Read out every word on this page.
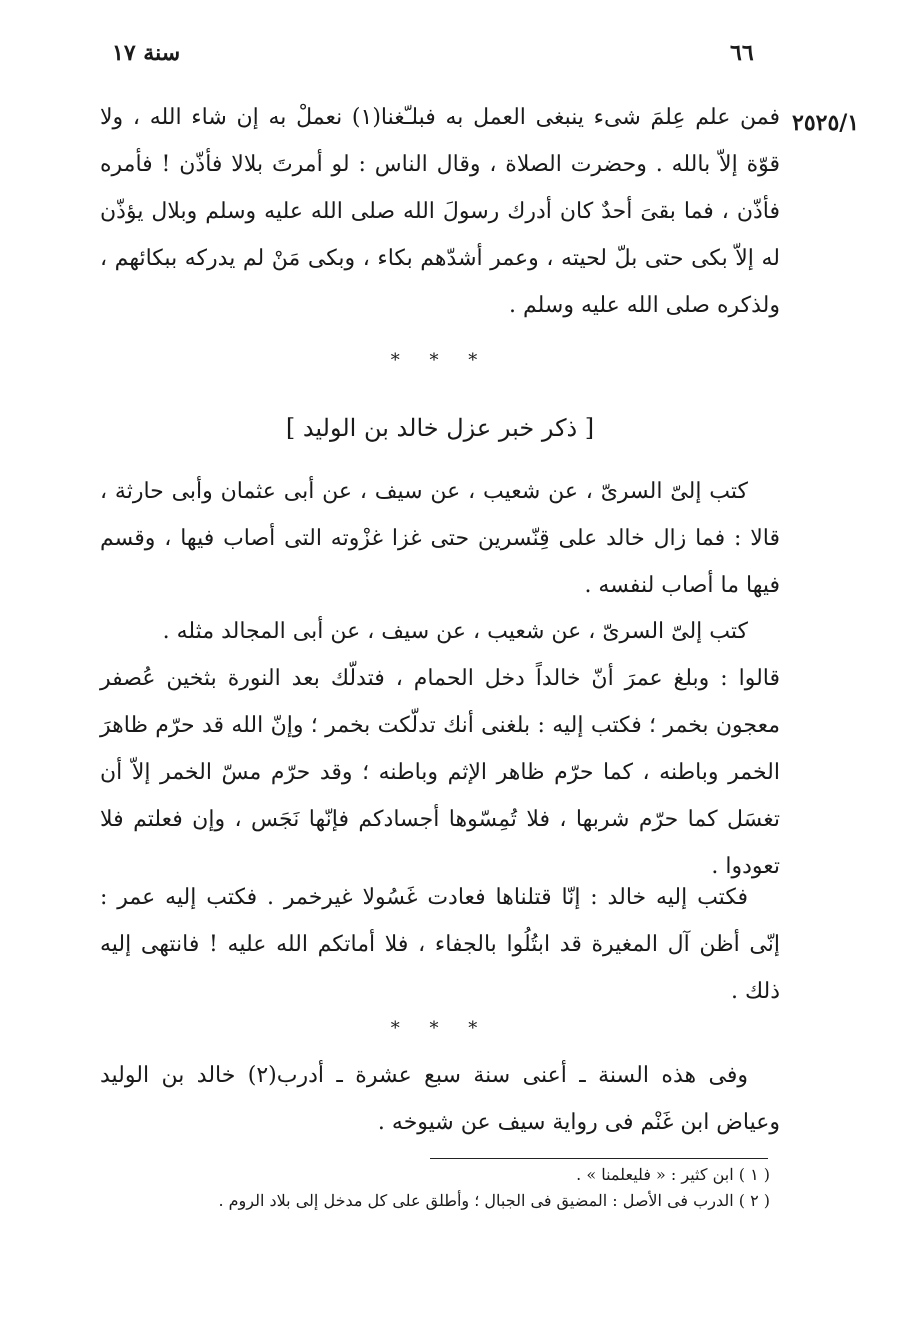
٦٦
سنة ١٧
٢٥٢٥/١

فمن علم عِلمَ شىء ينبغى العمل به فبلـّغنا(١) نعملْ به إن شاء الله ، ولا قوّة إلاّ بالله . وحضرت الصلاة ، وقال الناس : لو أمرتَ بلالا فأذّن ! فأمره فأذّن ، فما بقىَ أحدٌ كان أدرك رسولَ الله صلى الله عليه وسلم وبلال يؤذّن له إلاّ بكى حتى بلّ لحيته ، وعمر أشدّهم بكاء ، وبكى مَنْ لم يدركه ببكائهم ، ولذكره صلى الله عليه وسلم .

* * *
[ ذكر خبر عزل خالد بن الوليد ]

كتب إلىّ السرىّ ، عن شعيب ، عن سيف ، عن أبى عثمان وأبى حارثة ، قالا : فما زال خالد على قِنّسرين حتى غزا غزْوته التى أصاب فيها ، وقسم فيها ما أصاب لنفسه .

كتب إلىّ السرىّ ، عن شعيب ، عن سيف ، عن أبى المجالد مثله .

قالوا : وبلغ عمرَ أنّ خالداً دخل الحمام ، فتدلّك بعد النورة بثخين عُصفر معجون بخمر ؛ فكتب إليه : بلغنى أنك تدلّكت بخمر ؛ وإنّ الله قد حرّم ظاهرَ الخمر وباطنه ، كما حرّم ظاهر الإثم وباطنه ؛ وقد حرّم مسّ الخمر إلاّ أن تغسَل كما حرّم شربها ، فلا تُمِسّوها أجسادكم فإنّها نَجَس ، وإن فعلتم فلا تعودوا .

فكتب إليه خالد : إنّا قتلناها فعادت غَسُولا غيرخمر . فكتب إليه عمر : إنّى أظن آل المغيرة قد ابتُلُوا بالجفاء ، فلا أماتكم الله عليه ! فانتهى إليه ذلك .

* * *

وفى هذه السنة ـ أعنى سنة سبع عشرة ـ أدرب(٢) خالد بن الوليد وعياض ابن غَنْم فى رواية سيف عن شيوخه .

( ١ ) ابن كثير : « فليعلمنا » .

( ٢ ) الدرب فى الأصل : المضيق فى الجبال ؛ وأطلق على كل مدخل إلى بلاد الروم .
